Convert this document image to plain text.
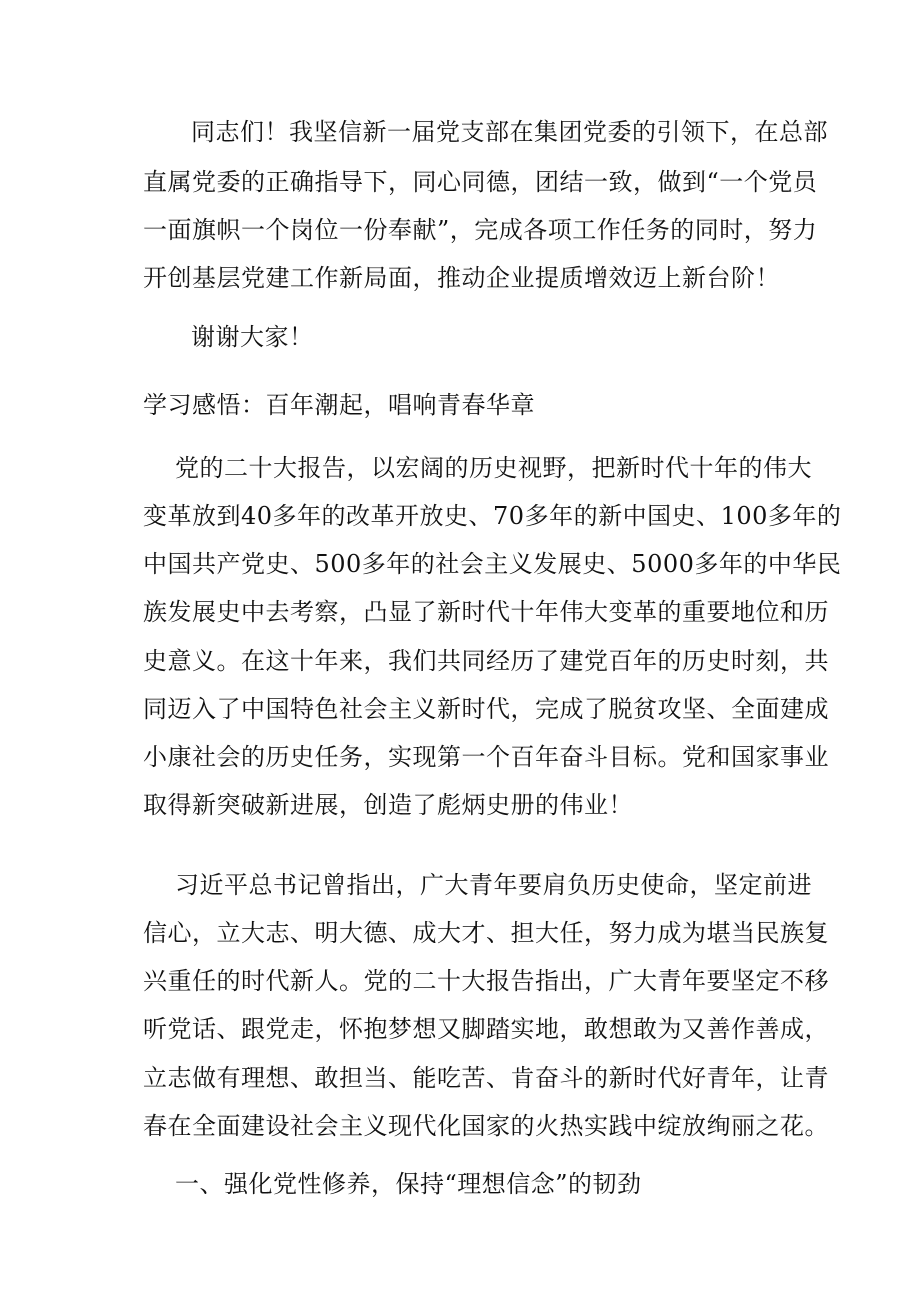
同志们！我坚信新一届党支部在集团党委的引领下，在总部
直属党委的正确指导下，同心同德，团结一致，做到“一个党员
一面旗帜一个岗位一份奉献”，完成各项工作任务的同时，努力
开创基层党建工作新局面，推动企业提质增效迈上新台阶！
谢谢大家！
学习感悟：百年潮起，唱响青春华章
党的二十大报告，以宏阔的历史视野，把新时代十年的伟大
变革放到40多年的改革开放史、70多年的新中国史、100多年的
中国共产党史、500多年的社会主义发展史、5000多年的中华民
族发展史中去考察，凸显了新时代十年伟大变革的重要地位和历
史意义。在这十年来，我们共同经历了建党百年的历史时刻，共
同迈入了中国特色社会主义新时代，完成了脱贫攻坚、全面建成
小康社会的历史任务，实现第一个百年奋斗目标。党和国家事业
取得新突破新进展，创造了彪炳史册的伟业！
习近平总书记曾指出，广大青年要肩负历史使命，坚定前进
信心，立大志、明大德、成大才、担大任，努力成为堪当民族复
兴重任的时代新人。党的二十大报告指出，广大青年要坚定不移
听党话、跟党走，怀抱梦想又脚踏实地，敢想敢为又善作善成，
立志做有理想、敢担当、能吃苦、肯奋斗的新时代好青年，让青
春在全面建设社会主义现代化国家的火热实践中绽放绚丽之花。
一、强化党性修养，保持“理想信念”的韧劲
